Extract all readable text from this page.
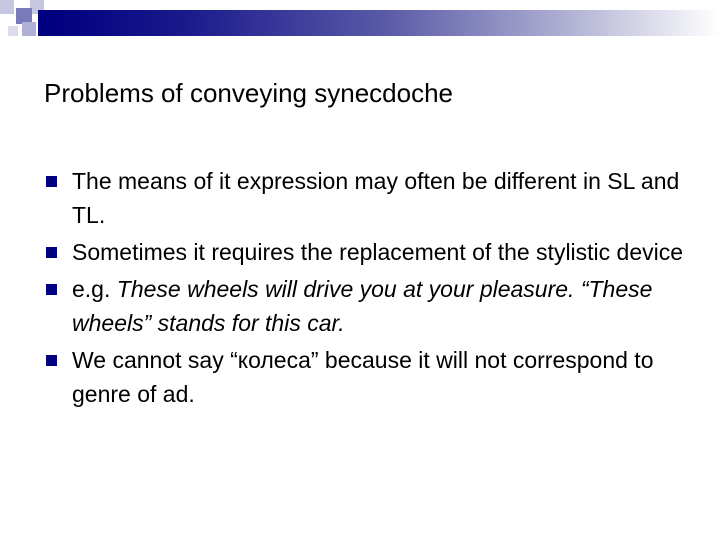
Problems of conveying synecdoche
The means of it expression may often be different in SL and TL.
Sometimes it requires the replacement of the stylistic device
e.g. These wheels will drive you at your pleasure. “These wheels” stands for this car.
We cannot say “колеса” because it will not correspond to genre of ad.
